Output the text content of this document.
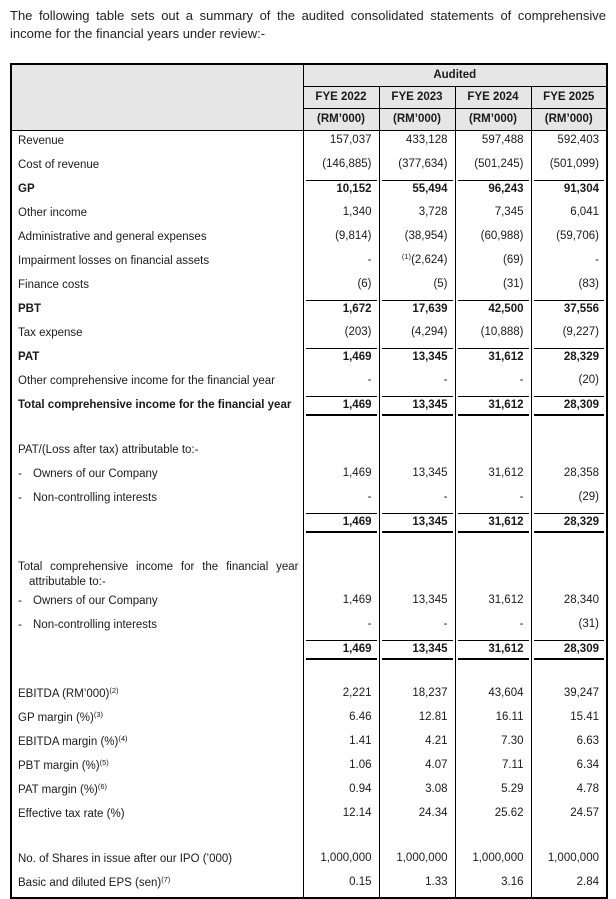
The following table sets out a summary of the audited consolidated statements of comprehensive income for the financial years under review:-

	Audited			
	FYE 2022	FYE 2023	FYE 2024	FYE 2025
	(RM’000)	(RM’000)	(RM’000)	(RM’000)
Revenue	157,037	433,128	597,488	592,403

Cost of revenue	(146,885)	(377,634)	(501,245)	(501,099)

GP	10,152	55,494	96,243	91,304

Other income	1,340	3,728	7,345	6,041

Administrative and general expenses	(9,814)	(38,954)	(60,988)	(59,706)

Impairment losses on financial assets	-	$^{(1)}$(2,624)	(69)	-

Finance costs	(6)	(5)	(31)	(83)

PBT	1,672	17,639	42,500	37,556

Tax expense	(203)	(4,294)	(10,888)	(9,227)

PAT	1,469	13,345	31,612	28,329

Other comprehensive income for the financial year	-	-	-	(20)

Total comprehensive income for the financial year	1,469	13,345	31,612	28,309

PAT/(Loss after tax) attributable to:-	

- Owners of our Company	1,469	13,345	31,612	28,358

- Non-controlling interests	-	-	-	(29)

	1,469	13,345	31,612	28,329

Total comprehensive income for the financial year attributable to:-				

- Owners of our Company	1,469	13,345	31,612	28,340

- Non-controlling interests	-	-	-	(31)

	1,469	13,345	31,612	28,309

EBITDA (RM’000)$^{(2)}$	2,221	18,237	43,604	39,247

GP margin (%)$^{(3)}$	6.46	12.81	16.11	15.41

EBITDA margin (%)$^{(4)}$	1.41	4.21	7.30	6.63

PBT margin (%)$^{(5)}$	1.06	4.07	7.11	6.34

PAT margin (%)$^{(6)}$	0.94	3.08	5.29	4.78

Effective tax rate (%)	12.14	24.34	25.62	24.57

No. of Shares in issue after our IPO (’000)	1,000,000	1,000,000	1,000,000	1,000,000

Basic and diluted EPS (sen)$^{(7)}$	0.15	1.33	3.16	2.84
